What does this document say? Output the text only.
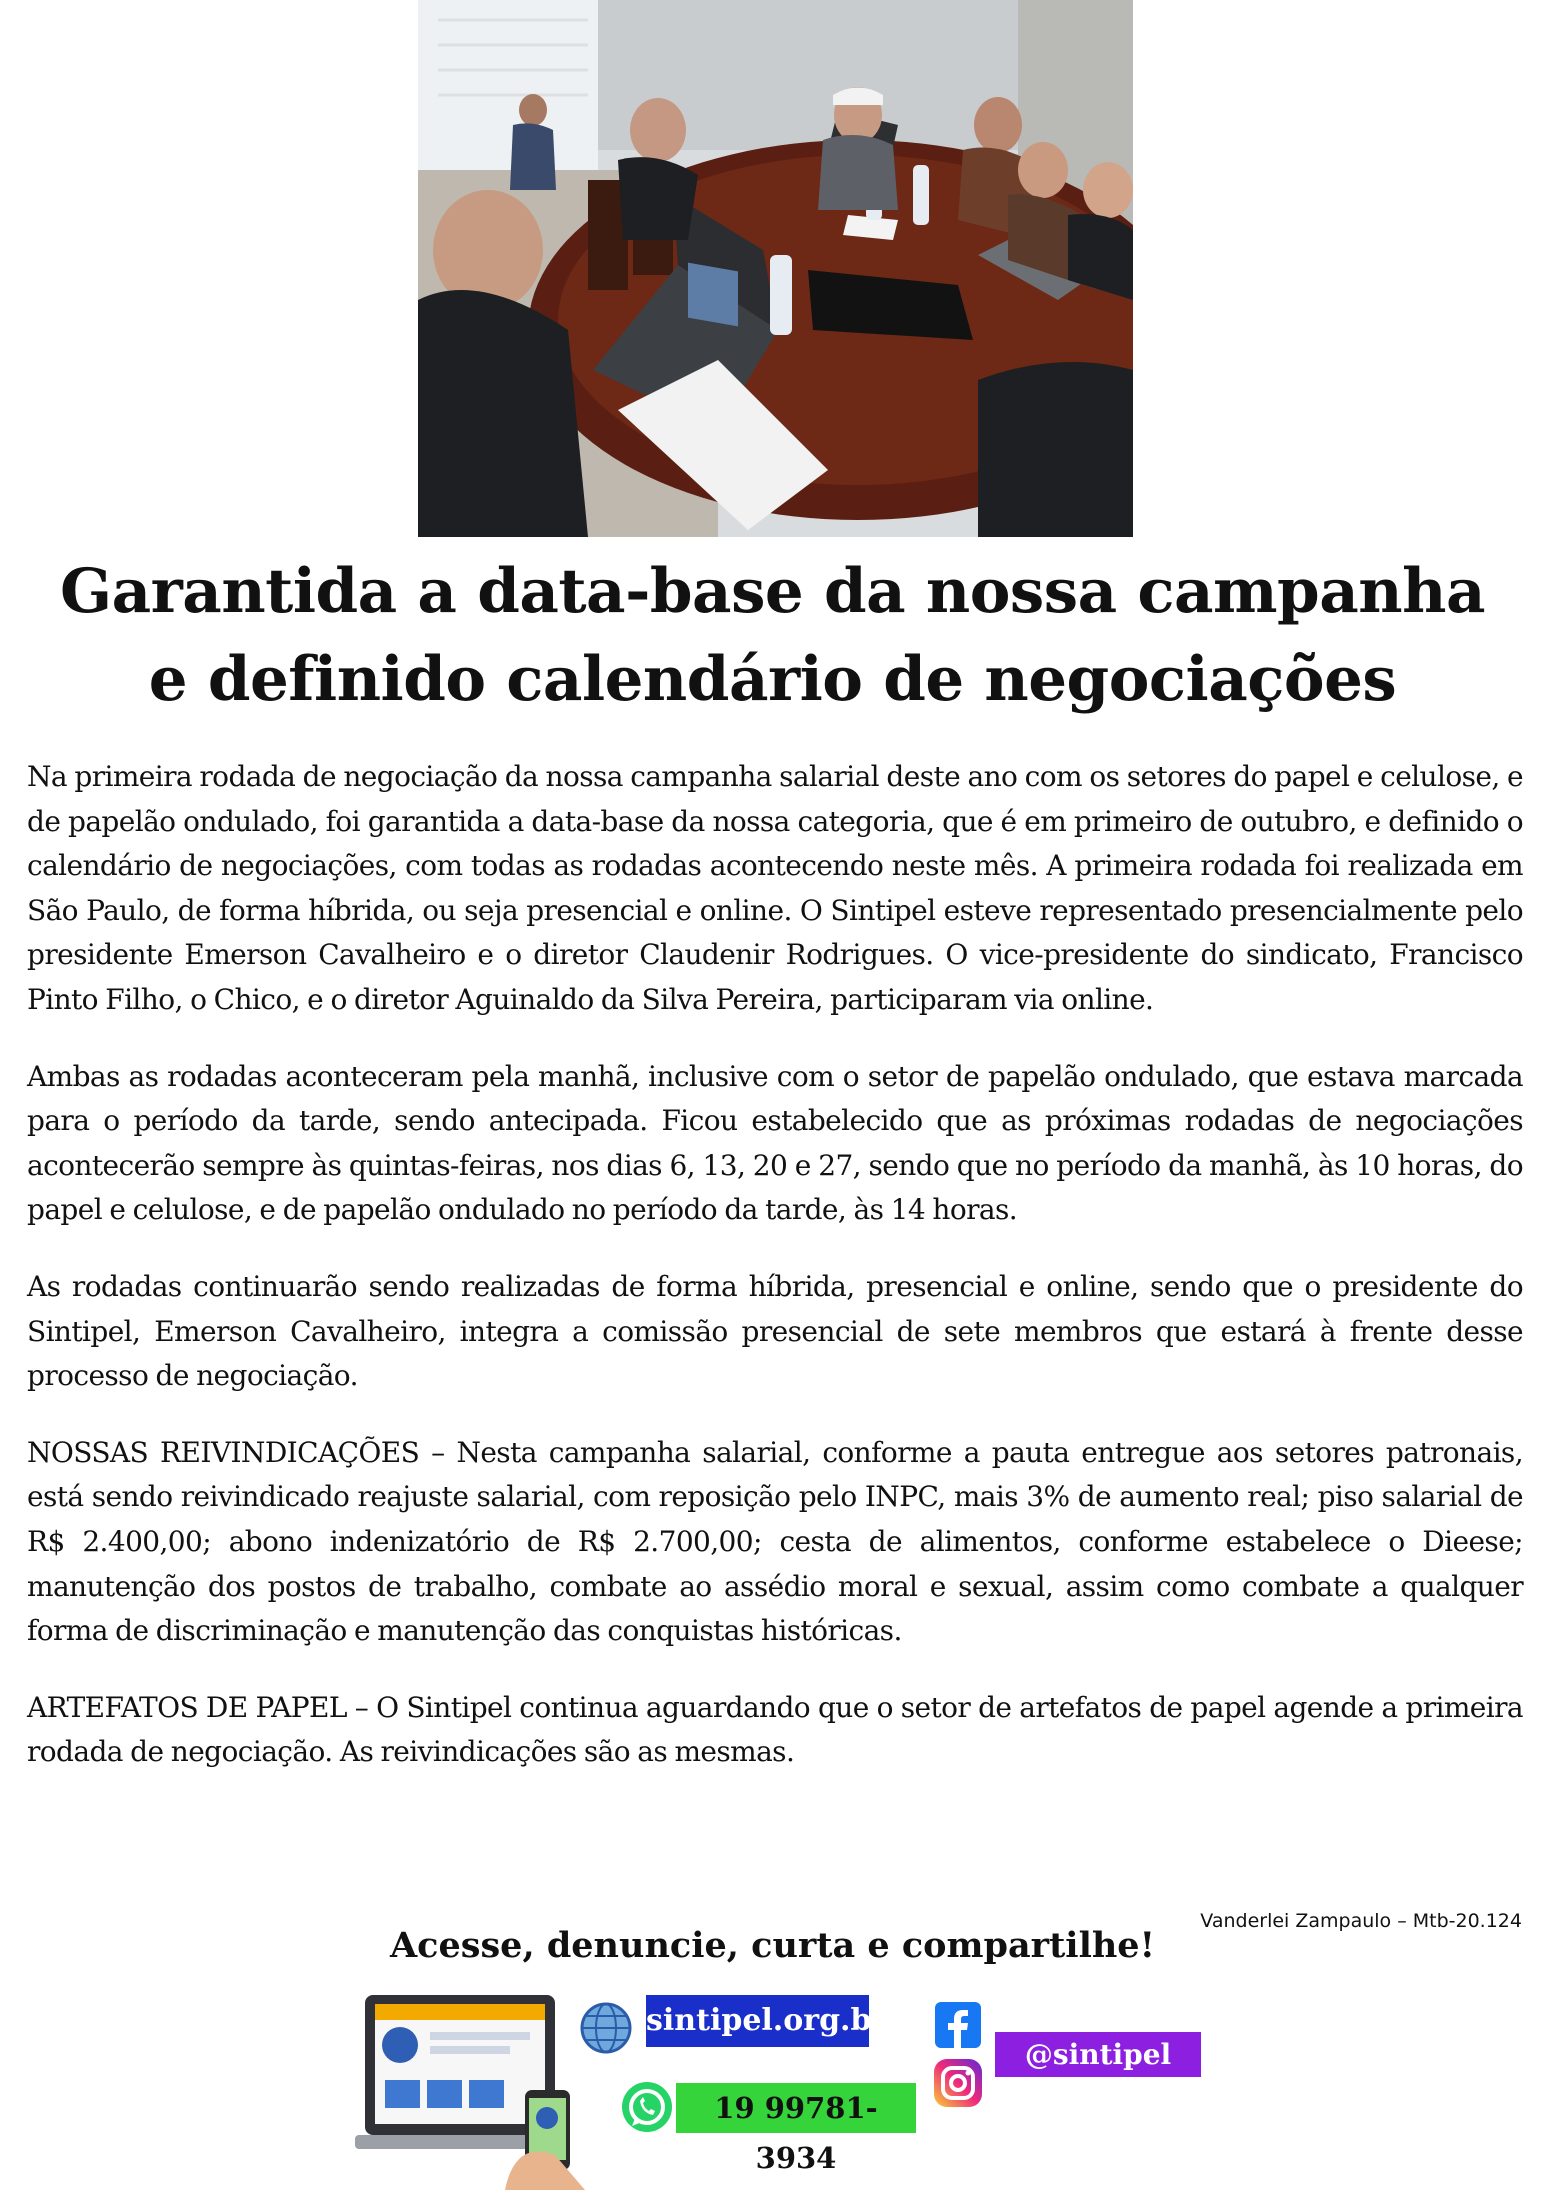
Garantida a data-base da nossa campanha
e definido calendário de negociações

Na primeira rodada de negociação da nossa campanha salarial deste ano com os setores do papel e celulose, e de papelão ondulado, foi garantida a data-base da nossa categoria, que é em primeiro de outubro, e definido o calendário de negociações, com todas as rodadas acontecendo neste mês. A primeira rodada foi realizada em São Paulo, de forma híbrida, ou seja presencial e online. O Sintipel esteve representado presencialmente pelo presidente Emerson Cavalheiro e o diretor Claudenir Rodrigues. O vice-presidente do sindicato, Francisco Pinto Filho, o Chico, e o diretor Aguinaldo da Silva Pereira, participaram via online.

Ambas as rodadas aconteceram pela manhã, inclusive com o setor de papelão ondulado, que estava marcada para o período da tarde, sendo antecipada. Ficou estabelecido que as próximas rodadas de negociações acontecerão sempre às quintas-feiras, nos dias 6, 13, 20 e 27, sendo que no período da manhã, às 10 horas, do papel e celulose, e de papelão ondulado no período da tarde, às 14 horas.

As rodadas continuarão sendo realizadas de forma híbrida, presencial e online, sendo que o presidente do Sintipel, Emerson Cavalheiro, integra a comissão presencial de sete membros que estará à frente desse processo de negociação.

NOSSAS REIVINDICAÇÕES – Nesta campanha salarial, conforme a pauta entregue aos setores patronais, está sendo reivindicado reajuste salarial, com reposição pelo INPC, mais 3% de aumento real; piso salarial de R$ 2.400,00; abono indenizatório de R$ 2.700,00; cesta de alimentos, conforme estabelece o Dieese; manutenção dos postos de trabalho, combate ao assédio moral e sexual, assim como combate a qualquer forma de discriminação e manutenção das conquistas históricas.

ARTEFATOS DE PAPEL – O Sintipel continua aguardando que o setor de artefatos de papel agende a primeira rodada de negociação. As reivindicações são as mesmas.

Vanderlei Zampaulo – Mtb-20.124
Acesse, denuncie, curta e compartilhe!
sintipel.org.br
19 99781-3934
@sintipel
